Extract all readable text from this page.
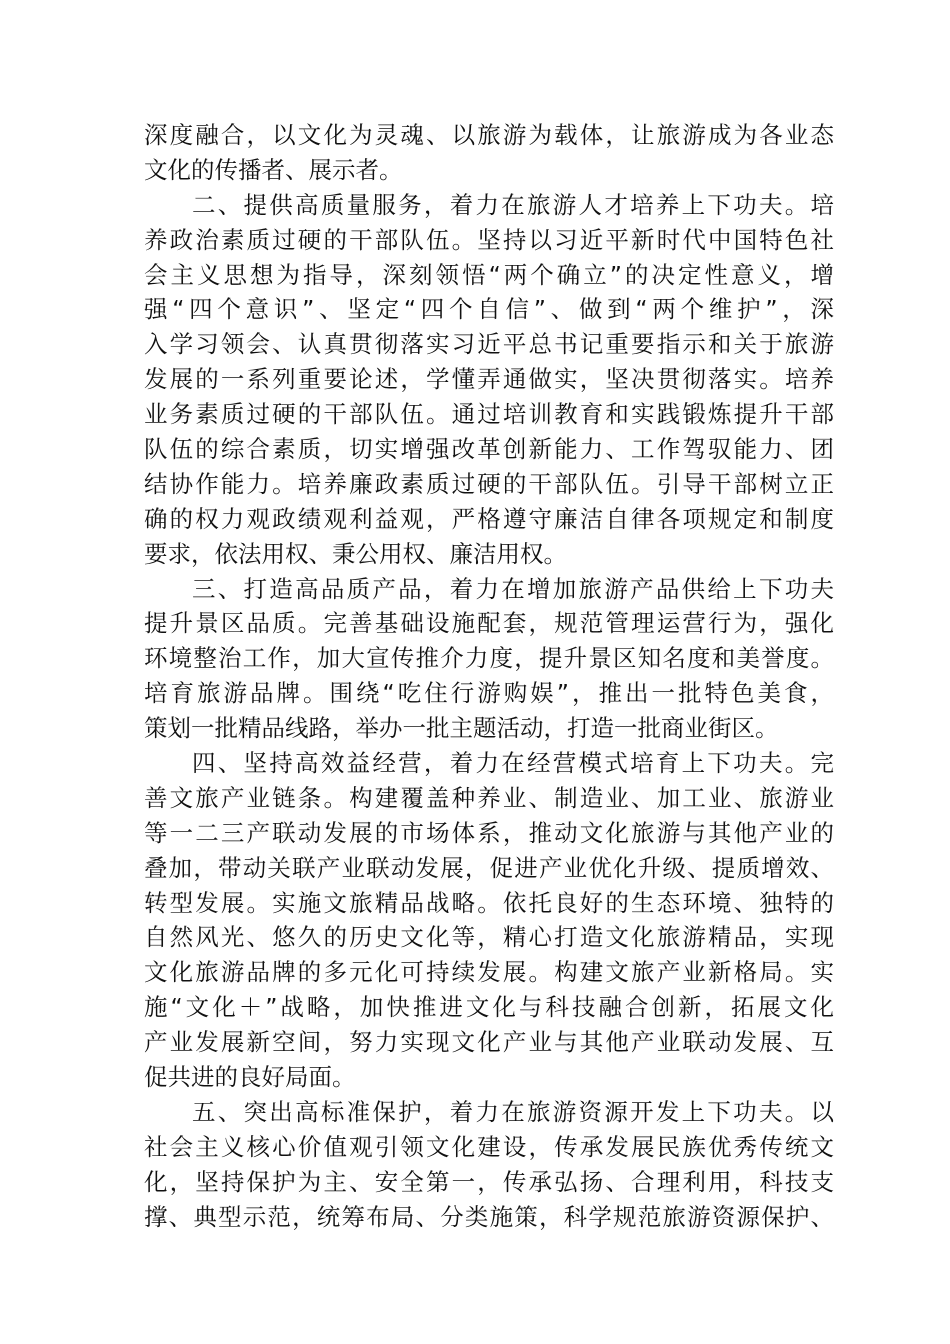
深度融合，以文化为灵魂、以旅游为载体，让旅游成为各业态
文化的传播者、展示者。
二、提供高质量服务，着力在旅游人才培养上下功夫。培
养政治素质过硬的干部队伍。坚持以习近平新时代中国特色社
会主义思想为指导，深刻领悟“两个确立”的决定性意义，增
强“四个意识”、坚定“四个自信”、做到“两个维护”，深
入学习领会、认真贯彻落实习近平总书记重要指示和关于旅游
发展的一系列重要论述，学懂弄通做实，坚决贯彻落实。培养
业务素质过硬的干部队伍。通过培训教育和实践锻炼提升干部
队伍的综合素质，切实增强改革创新能力、工作驾驭能力、团
结协作能力。培养廉政素质过硬的干部队伍。引导干部树立正
确的权力观政绩观利益观，严格遵守廉洁自律各项规定和制度
要求，依法用权、秉公用权、廉洁用权。
三、打造高品质产品，着力在增加旅游产品供给上下功夫
提升景区品质。完善基础设施配套，规范管理运营行为，强化
环境整治工作，加大宣传推介力度，提升景区知名度和美誉度。
培育旅游品牌。围绕“吃住行游购娱”，推出一批特色美食，
策划一批精品线路，举办一批主题活动，打造一批商业街区。
四、坚持高效益经营，着力在经营模式培育上下功夫。完
善文旅产业链条。构建覆盖种养业、制造业、加工业、旅游业
等一二三产联动发展的市场体系，推动文化旅游与其他产业的
叠加，带动关联产业联动发展，促进产业优化升级、提质增效、
转型发展。实施文旅精品战略。依托良好的生态环境、独特的
自然风光、悠久的历史文化等，精心打造文化旅游精品，实现
文化旅游品牌的多元化可持续发展。构建文旅产业新格局。实
施“文化＋”战略，加快推进文化与科技融合创新，拓展文化
产业发展新空间，努力实现文化产业与其他产业联动发展、互
促共进的良好局面。
五、突出高标准保护，着力在旅游资源开发上下功夫。以
社会主义核心价值观引领文化建设，传承发展民族优秀传统文
化，坚持保护为主、安全第一，传承弘扬、合理利用，科技支
撑、典型示范，统筹布局、分类施策，科学规范旅游资源保护、
